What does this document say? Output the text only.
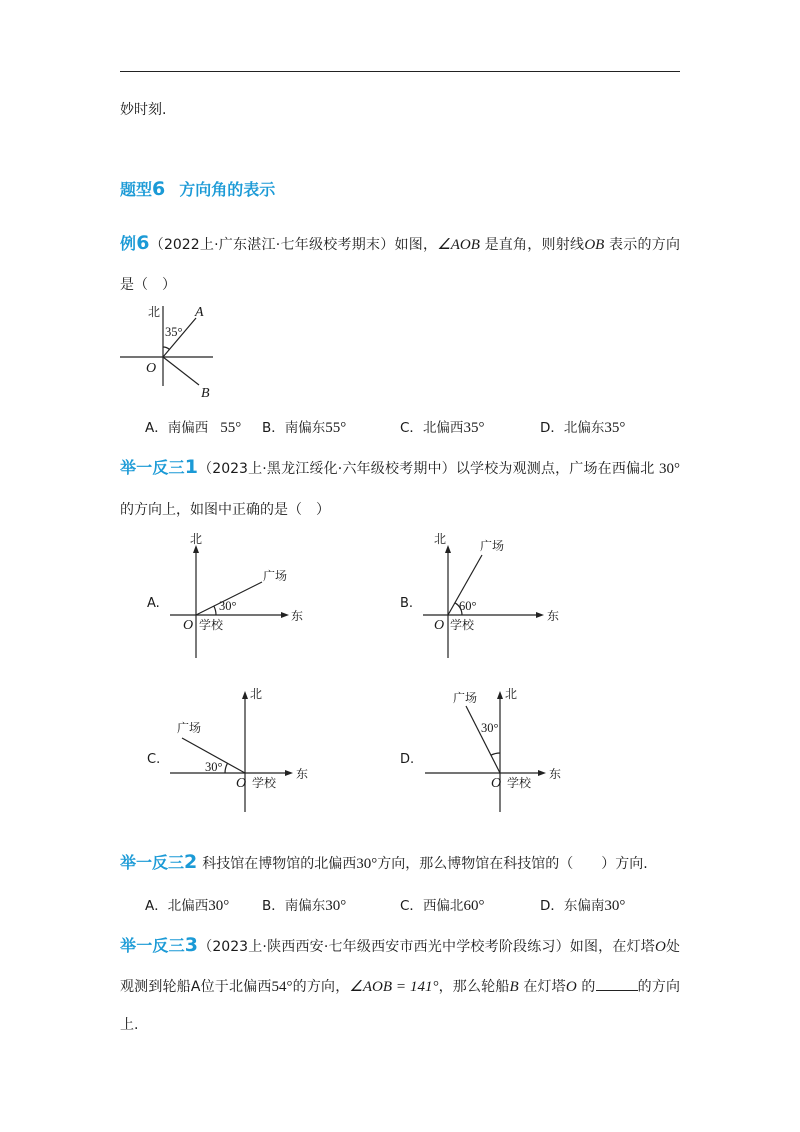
妙时刻.
题型6 方向角的表示
例6（2022上·广东湛江·七年级校考期末）如图，∠AOB 是直角，则射线OB 表示的方向
是（　）
北 A
B
O
35°
A．南偏西 55° B．南偏东55°	C．北偏西35°	D．北偏东35°
举一反三1（2023上·黑龙江绥化·六年级校考期中）以学校为观测点，广场在西偏北 30°
的方向上，如图中正确的是（　）
A.
北
东
广场
30°
O 学校
B.
北
东
广场
60°
O 学校
C.
北
东
广场
30°
O 学校
D.
北
东
广场
30°
O 学校
举一反三2 科技馆在博物馆的北偏西30°方向，那么博物馆在科技馆的（　　）方向.
A．北偏西30° B．南偏东30°	C．西偏北60°	D．东偏南30°
举一反三3（2023上·陕西西安·七年级西安市西光中学校考阶段练习）如图，在灯塔O处
观测到轮船A位于北偏西54°的方向，∠AOB = 141°，那么轮船B 在灯塔O 的	的方向
上.
